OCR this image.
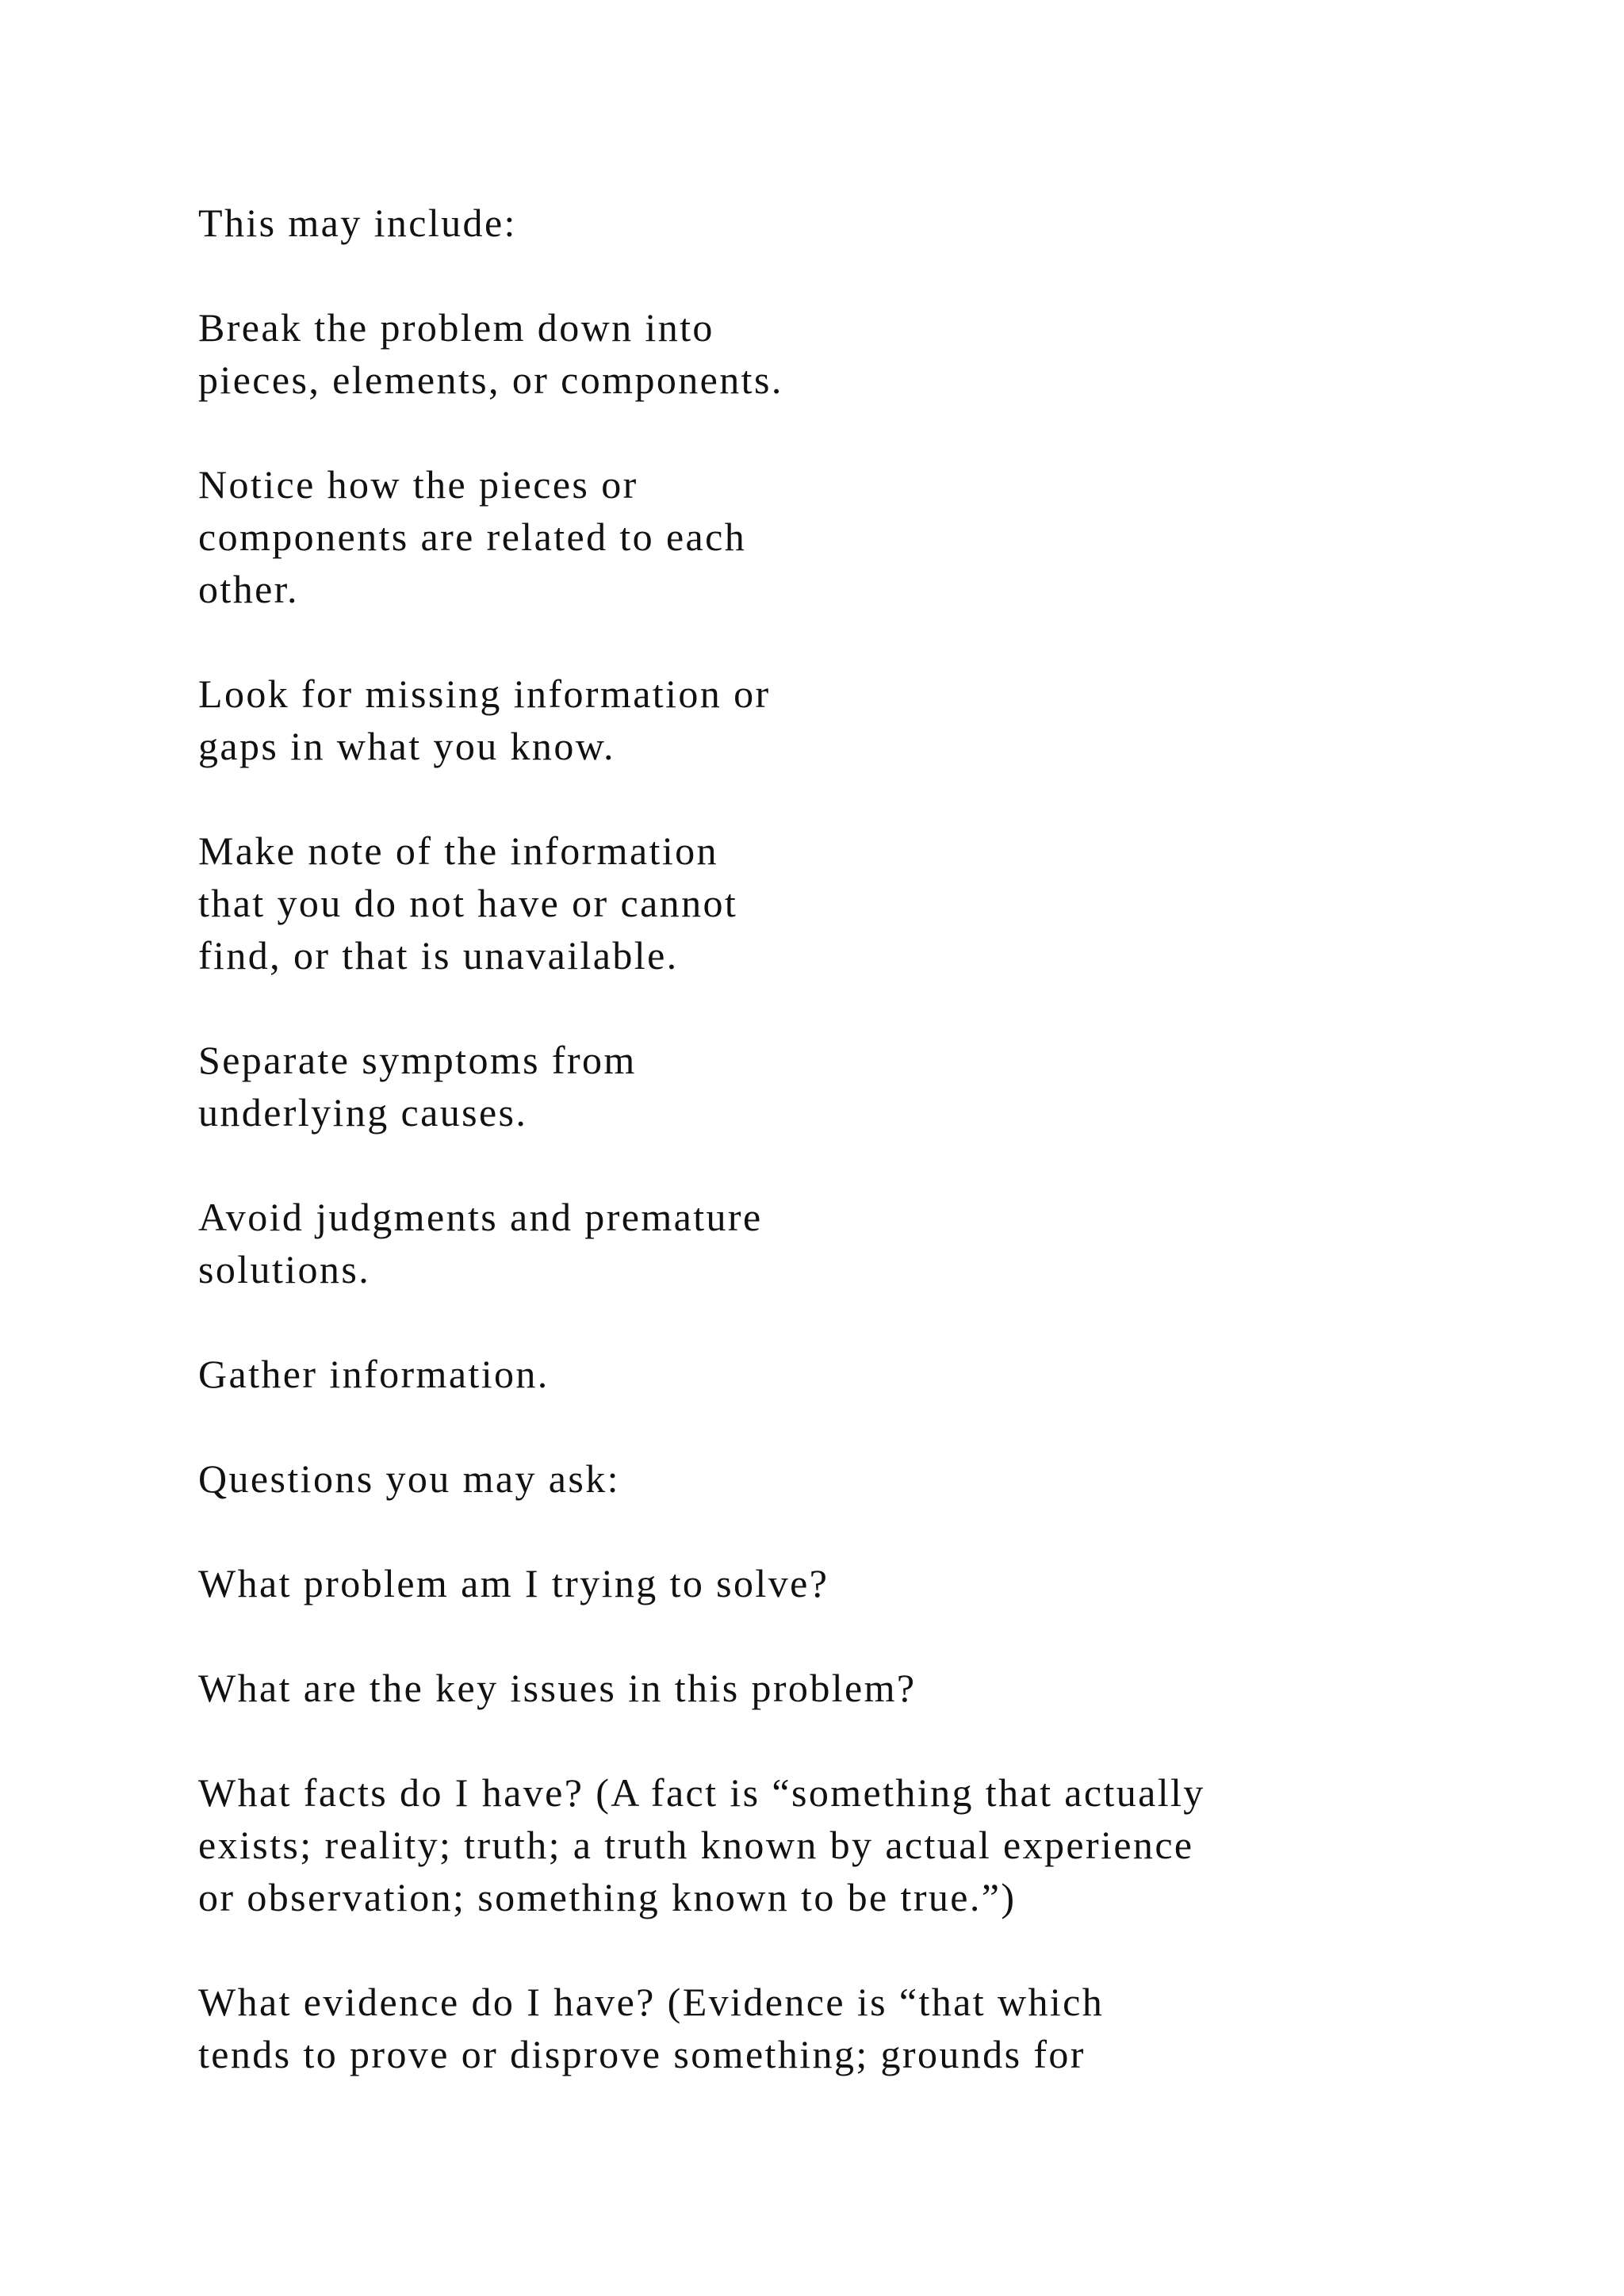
This may include:
Break the problem down into
pieces, elements, or components.
Notice how the pieces or
components are related to each
other.
Look for missing information or
gaps in what you know.
Make note of the information
that you do not have or cannot
find, or that is unavailable.
Separate symptoms from
underlying causes.
Avoid judgments and premature
solutions.
Gather information.
Questions you may ask:
What problem am I trying to solve?
What are the key issues in this problem?
What facts do I have? (A fact is “something that actually
exists; reality; truth; a truth known by actual experience
or observation; something known to be true.”)
What evidence do I have? (Evidence is “that which
tends to prove or disprove something; grounds for
